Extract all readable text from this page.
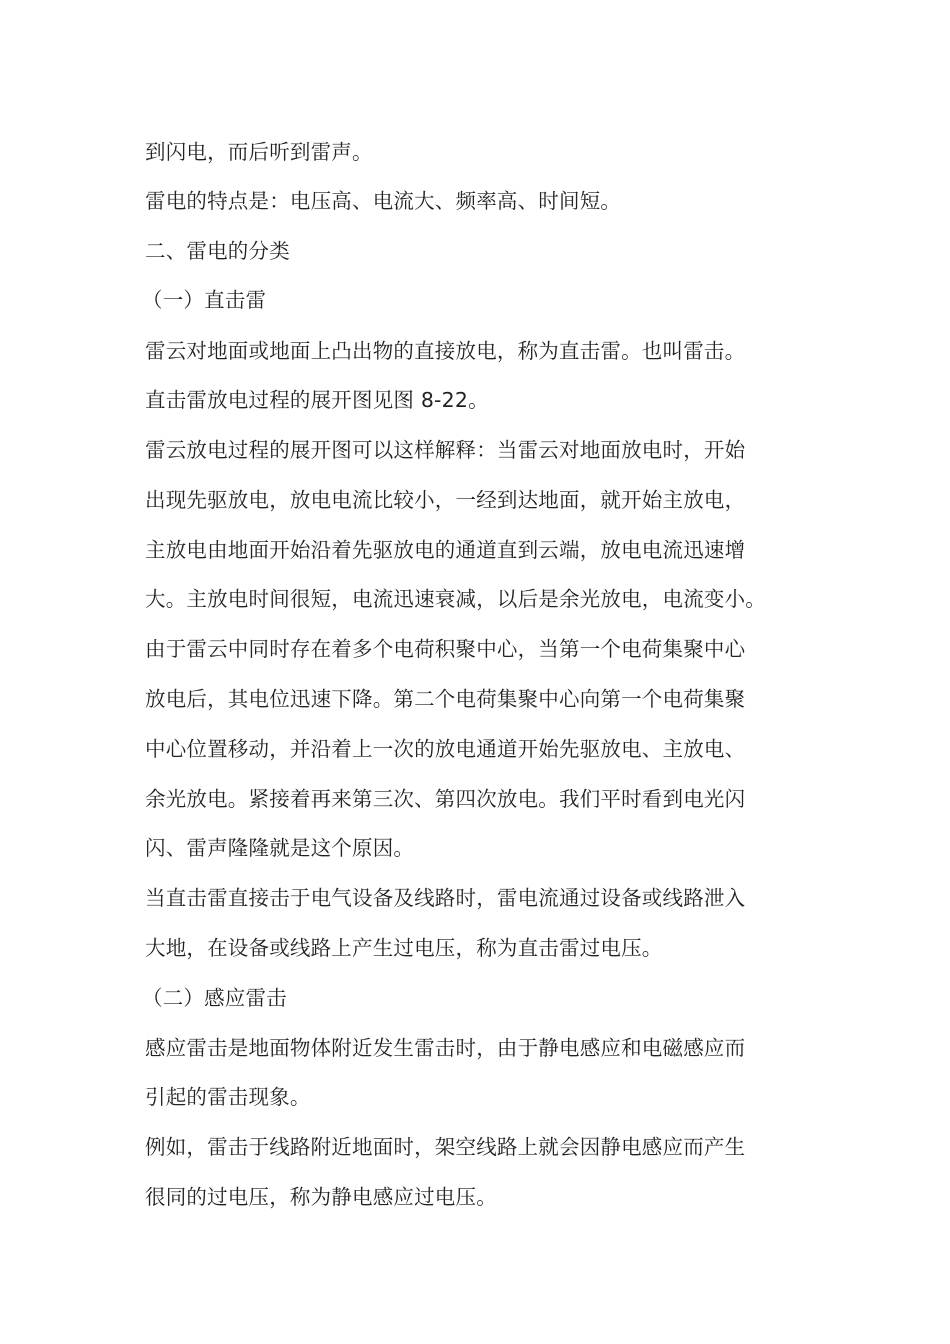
到闪电，而后听到雷声。
雷电的特点是：电压高、电流大、频率高、时间短。
二、雷电的分类
（一）直击雷
雷云对地面或地面上凸出物的直接放电，称为直击雷。也叫雷击。
直击雷放电过程的展开图见图 8-22。
雷云放电过程的展开图可以这样解释：当雷云对地面放电时，开始
出现先驱放电，放电电流比较小，一经到达地面，就开始主放电，
主放电由地面开始沿着先驱放电的通道直到云端，放电电流迅速增
大。主放电时间很短，电流迅速衰减，以后是余光放电，电流变小。
由于雷云中同时存在着多个电荷积聚中心，当第一个电荷集聚中心
放电后，其电位迅速下降。第二个电荷集聚中心向第一个电荷集聚
中心位置移动，并沿着上一次的放电通道开始先驱放电、主放电、
余光放电。紧接着再来第三次、第四次放电。我们平时看到电光闪
闪、雷声隆隆就是这个原因。
当直击雷直接击于电气设备及线路时，雷电流通过设备或线路泄入
大地，在设备或线路上产生过电压，称为直击雷过电压。
（二）感应雷击
感应雷击是地面物体附近发生雷击时，由于静电感应和电磁感应而
引起的雷击现象。
例如，雷击于线路附近地面时，架空线路上就会因静电感应而产生
很同的过电压，称为静电感应过电压。
